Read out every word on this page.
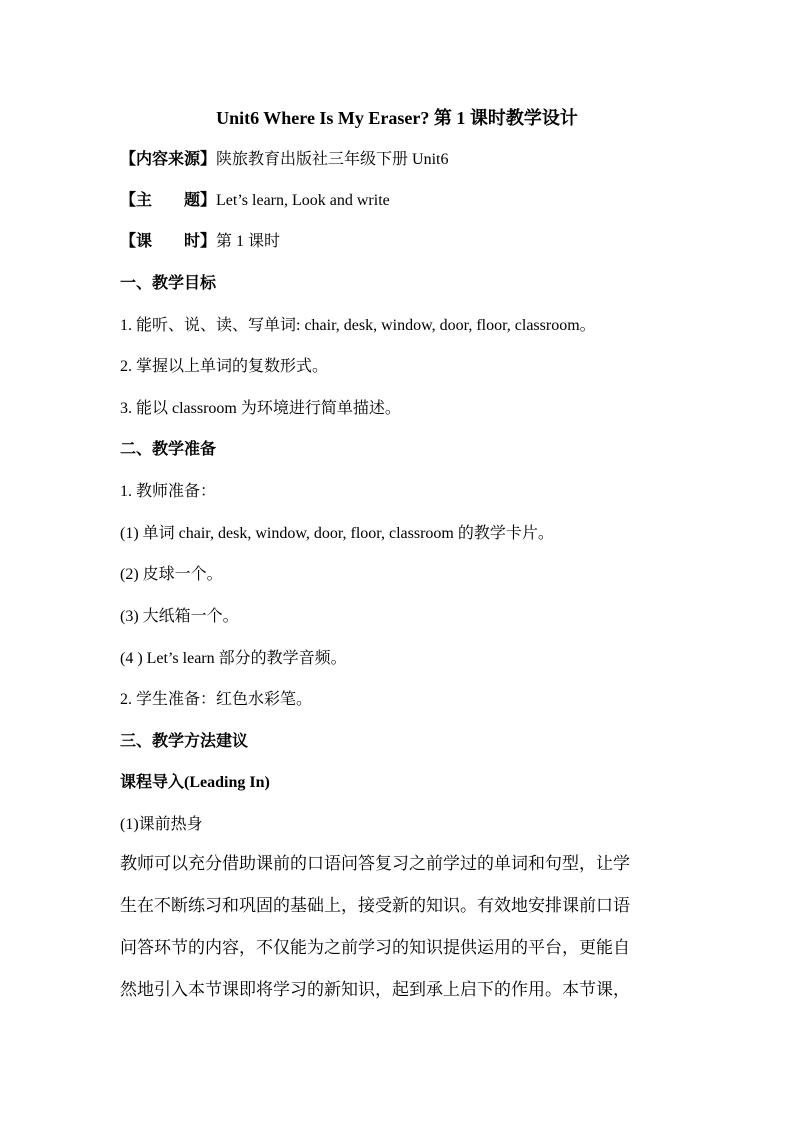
Unit6 Where Is My Eraser? 第 1 课时教学设计
【内容来源】陕旅教育出版社三年级下册 Unit6
【主 题】Let’s learn, Look and write
【课 时】第 1 课时
一、教学目标
1. 能听、说、读、写单词: chair, desk, window, door, floor, classroom。
2. 掌握以上单词的复数形式。
3. 能以 classroom 为环境进行简单描述。
二、教学准备
1. 教师准备：
(1) 单词 chair, desk, window, door, floor, classroom 的教学卡片。
(2) 皮球一个。
(3) 大纸箱一个。
(4 ) Let’s learn 部分的教学音频。
2. 学生准备：红色水彩笔。
三、教学方法建议
课程导入(Leading In)
(1)课前热身
教师可以充分借助课前的口语问答复习之前学过的单词和句型，让学
生在不断练习和巩固的基础上，接受新的知识。有效地安排课前口语
问答环节的内容，不仅能为之前学习的知识提供运用的平台，更能自
然地引入本节课即将学习的新知识，起到承上启下的作用。本节课，
